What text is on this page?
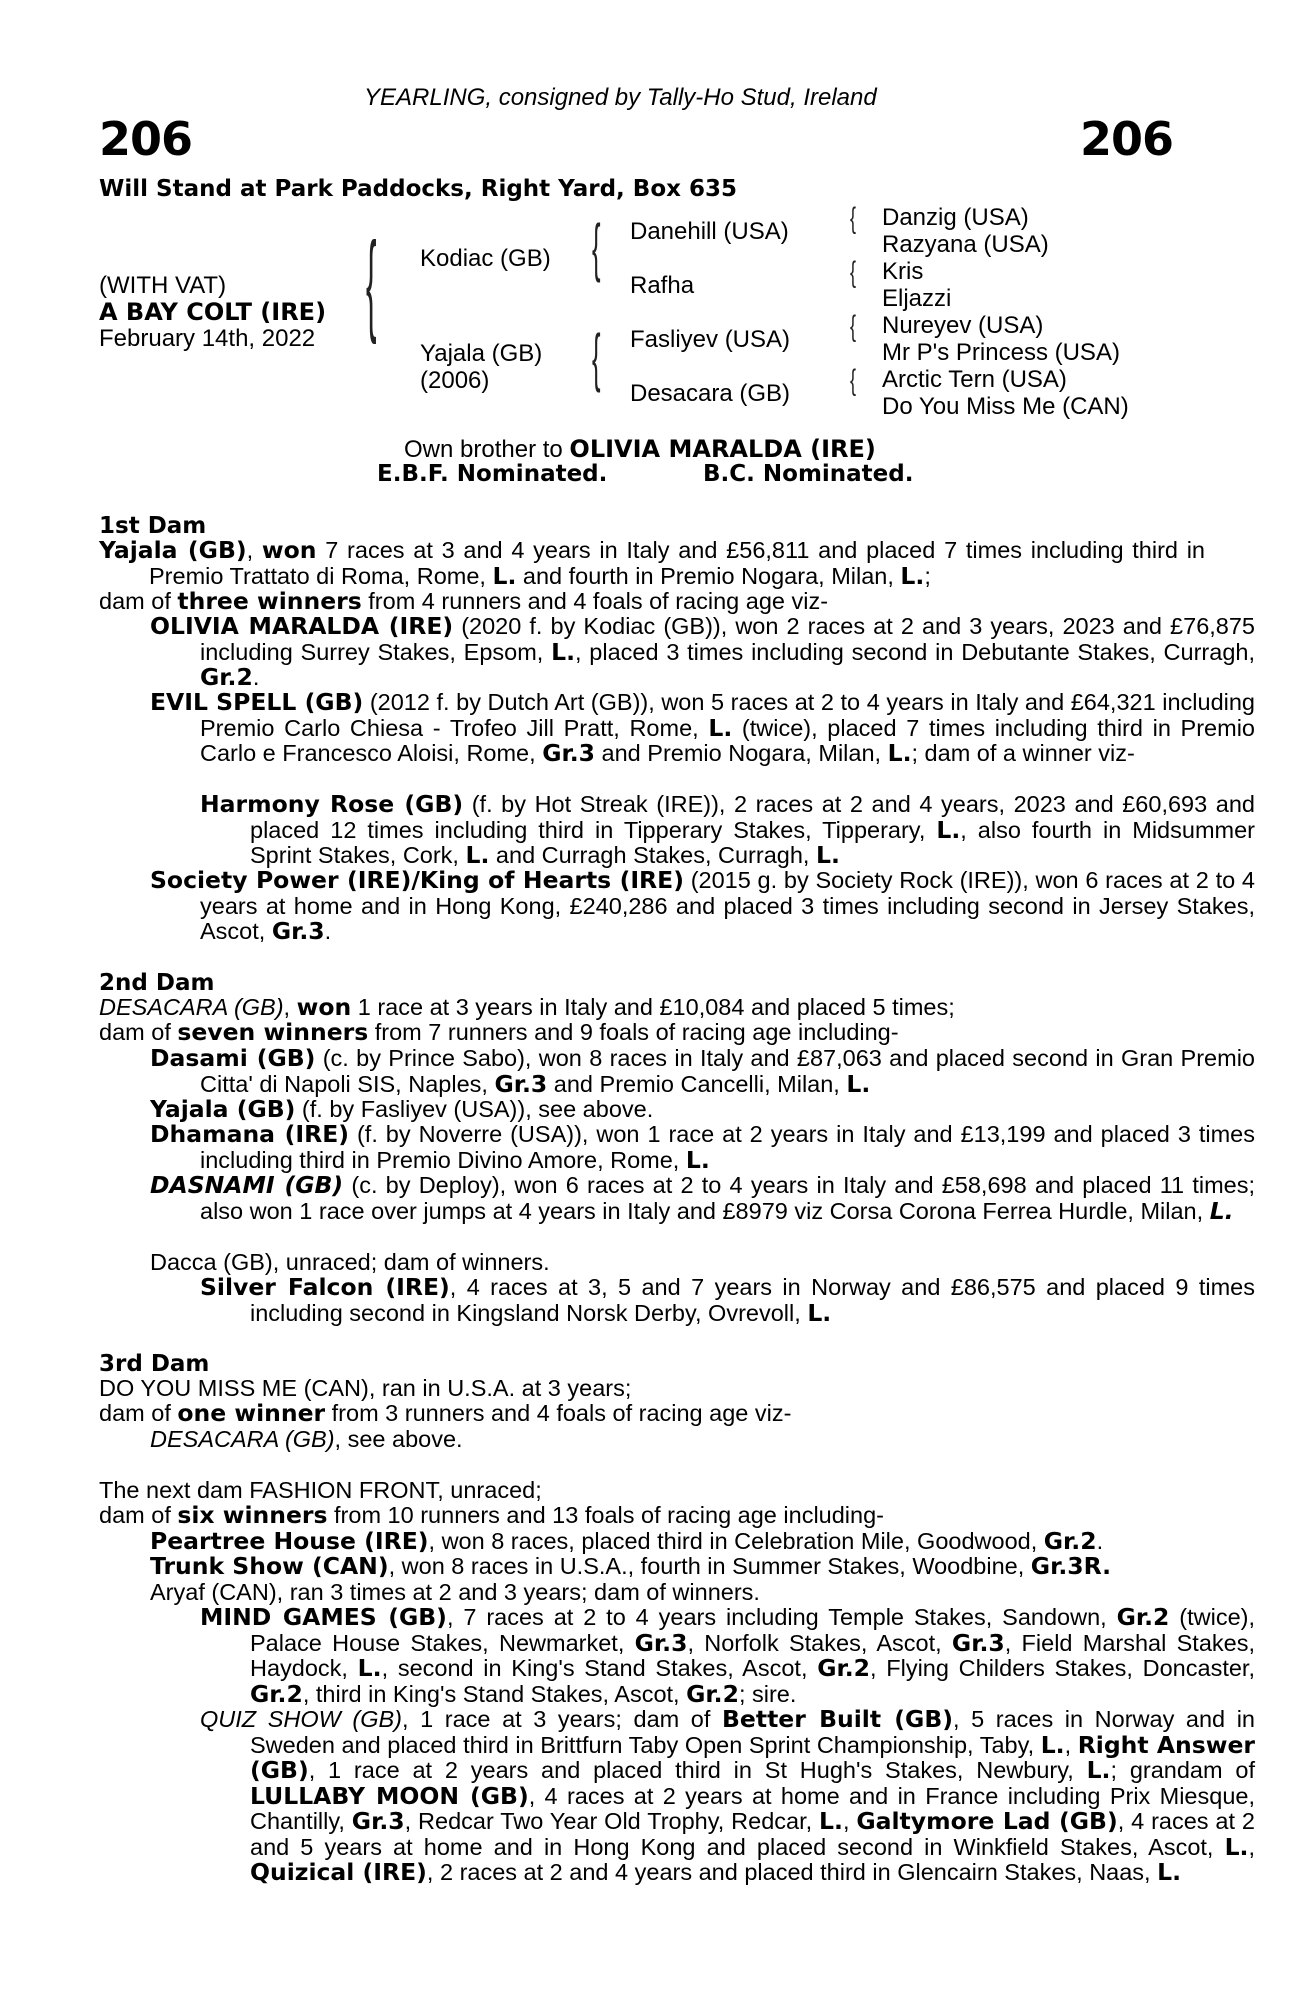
YEARLING, consigned by Tally-Ho Stud, Ireland
206	206
Will Stand at Park Paddocks, Right Yard, Box 635
(WITH VAT)
A BAY COLT (IRE)
February 14th, 2022 { Kodiac (GB)
Yajala (GB)
(2006)
{
{
Danehill (USA)
Rafha
Fasliyev (USA)
Desacara (GB)
{
{
{
{
Danzig (USA)
Razyana (USA)
Kris
Eljazzi
Nureyev (USA)
Mr P's Princess (USA)
Arctic Tern (USA)
Do You Miss Me (CAN)
Own brother to OLIVIA MARALDA (IRE)
E.B.F. Nominated.	B.C. Nominated.
1st Dam
Yajala (GB), won 7 races at 3 and 4 years in Italy and £56,811 and placed 7 times including third in Premio Trattato di Roma, Rome, L. and fourth in Premio Nogara, Milan, L.;
dam of three winners from 4 runners and 4 foals of racing age viz-
OLIVIA MARALDA (IRE) (2020 f. by Kodiac (GB)), won 2 races at 2 and 3 years, 2023 and £76,875 including Surrey Stakes, Epsom, L., placed 3 times including second in Debutante Stakes, Curragh, Gr.2.
EVIL SPELL (GB) (2012 f. by Dutch Art (GB)), won 5 races at 2 to 4 years in Italy and £64,321 including Premio Carlo Chiesa - Trofeo Jill Pratt, Rome, L. (twice), placed 7 times including third in Premio Carlo e Francesco Aloisi, Rome, Gr.3 and Premio Nogara, Milan, L.; dam of a winner viz-
Harmony Rose (GB) (f. by Hot Streak (IRE)), 2 races at 2 and 4 years, 2023 and £60,693 and placed 12 times including third in Tipperary Stakes, Tipperary, L., also fourth in Midsummer Sprint Stakes, Cork, L. and Curragh Stakes, Curragh, L.
Society Power (IRE)/King of Hearts (IRE) (2015 g. by Society Rock (IRE)), won 6 races at 2 to 4 years at home and in Hong Kong, £240,286 and placed 3 times including second in Jersey Stakes, Ascot, Gr.3.
2nd Dam
DESACARA (GB), won 1 race at 3 years in Italy and £10,084 and placed 5 times;
dam of seven winners from 7 runners and 9 foals of racing age including-
Dasami (GB) (c. by Prince Sabo), won 8 races in Italy and £87,063 and placed second in Gran Premio Citta' di Napoli SIS, Naples, Gr.3 and Premio Cancelli, Milan, L.
Yajala (GB) (f. by Fasliyev (USA)), see above.
Dhamana (IRE) (f. by Noverre (USA)), won 1 race at 2 years in Italy and £13,199 and placed 3 times including third in Premio Divino Amore, Rome, L.
DASNAMI (GB) (c. by Deploy), won 6 races at 2 to 4 years in Italy and £58,698 and placed 11 times; also won 1 race over jumps at 4 years in Italy and £8979 viz Corsa Corona Ferrea Hurdle, Milan, L.
Dacca (GB), unraced; dam of winners.
Silver Falcon (IRE), 4 races at 3, 5 and 7 years in Norway and £86,575 and placed 9 times including second in Kingsland Norsk Derby, Ovrevoll, L.
3rd Dam
DO YOU MISS ME (CAN), ran in U.S.A. at 3 years;
dam of one winner from 3 runners and 4 foals of racing age viz-
DESACARA (GB), see above.
The next dam FASHION FRONT, unraced;
dam of six winners from 10 runners and 13 foals of racing age including-
Peartree House (IRE), won 8 races, placed third in Celebration Mile, Goodwood, Gr.2.
Trunk Show (CAN), won 8 races in U.S.A., fourth in Summer Stakes, Woodbine, Gr.3R.
Aryaf (CAN), ran 3 times at 2 and 3 years; dam of winners.
MIND GAMES (GB), 7 races at 2 to 4 years including Temple Stakes, Sandown, Gr.2 (twice), Palace House Stakes, Newmarket, Gr.3, Norfolk Stakes, Ascot, Gr.3, Field Marshal Stakes, Haydock, L., second in King's Stand Stakes, Ascot, Gr.2, Flying Childers Stakes, Doncaster, Gr.2, third in King's Stand Stakes, Ascot, Gr.2; sire.
QUIZ SHOW (GB), 1 race at 3 years; dam of Better Built (GB), 5 races in Norway and in Sweden and placed third in Brittfurn Taby Open Sprint Championship, Taby, L., Right Answer (GB), 1 race at 2 years and placed third in St Hugh's Stakes, Newbury, L.; grandam of LULLABY MOON (GB), 4 races at 2 years at home and in France including Prix Miesque, Chantilly, Gr.3, Redcar Two Year Old Trophy, Redcar, L., Galtymore Lad (GB), 4 races at 2 and 5 years at home and in Hong Kong and placed second in Winkfield Stakes, Ascot, L., Quizical (IRE), 2 races at 2 and 4 years and placed third in Glencairn Stakes, Naas, L.
